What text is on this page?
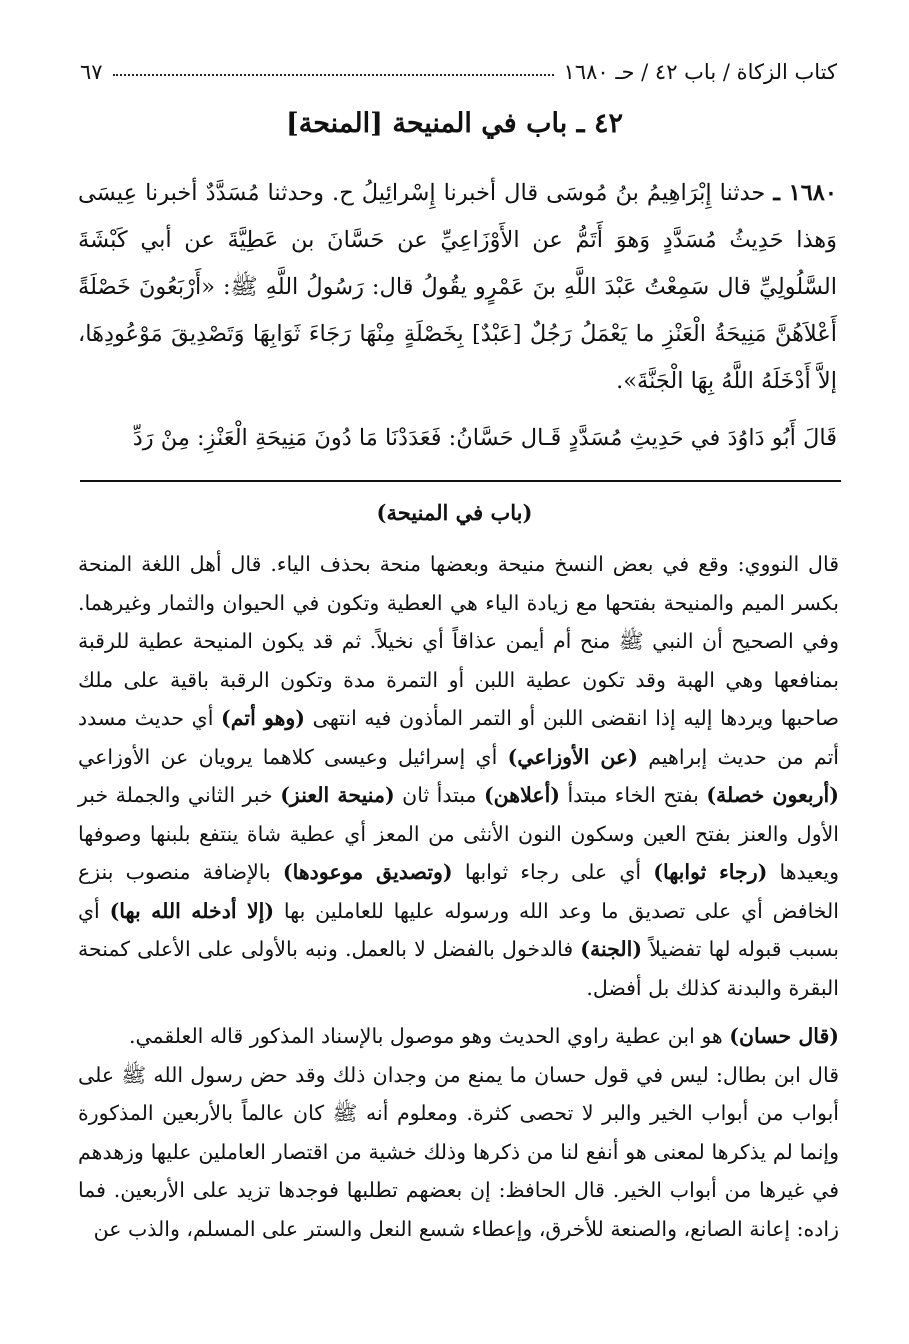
كتاب الزكاة / باب ٤٢ / حـ ١٦٨٠
٦٧
٤٢ ـ باب في المنيحة [المنحة]

١٦٨٠ ـ حدثنا إِبْرَاهِيمُ بنُ مُوسَى قال أخبرنا إِسْرائِيلُ ح. وحدثنا مُسَدَّدٌ أخبرنا عِيسَى وَهذا حَدِيثُ مُسَدَّدٍ وَهوَ أَتَمُّ عن الأَوْزَاعِيِّ عن حَسَّانَ بن عَطِيَّةَ عن أبي كَبْشَةَ السَّلُولِيِّ قال سَمِعْتُ عَبْدَ اللَّهِ بنَ عَمْرٍو يقُولُ قال: رَسُولُ اللَّهِ ﷺ: «أَرْبَعُونَ خَصْلَةً أَعْلاَهُنَّ مَنِيحَةُ الْعَنْزِ ما يَعْمَلُ رَجُلٌ [عَبْدٌ] بِخَصْلَةٍ مِنْهَا رَجَاءَ ثَوَابِهَا وَتَصْدِيقَ مَوْعُودِهَا، إلاَّ أَدْخَلَهُ اللَّهُ بِهَا الْجَنَّةَ».

قَالَ أَبُو دَاوُدَ في حَدِيثِ مُسَدَّدٍ قَـال حَسَّانُ: فَعَدَدْنَا مَا دُونَ مَنِيحَةِ الْعَنْزِ: مِنْ رَدِّ

(باب في المنيحة)

قال النووي: وقع في بعض النسخ منيحة وبعضها منحة بحذف الياء. قال أهل اللغة المنحة بكسر الميم والمنيحة بفتحها مع زيادة الياء هي العطية وتكون في الحيوان والثمار وغيرهما. وفي الصحيح أن النبي ﷺ منح أم أيمن عذاقاً أي نخيلاً. ثم قد يكون المنيحة عطية للرقبة بمنافعها وهي الهبة وقد تكون عطية اللبن أو التمرة مدة وتكون الرقبة باقية على ملك صاحبها ويردها إليه إذا انقضى اللبن أو التمر المأذون فيه انتهى (وهو أتم) أي حديث مسدد أتم من حديث إبراهيم (عن الأوزاعي) أي إسرائيل وعيسى كلاهما يرويان عن الأوزاعي (أربعون خصلة) بفتح الخاء مبتدأ (أعلاهن) مبتدأ ثان (منيحة العنز) خبر الثاني والجملة خبر الأول والعنز بفتح العين وسكون النون الأنثى من المعز أي عطية شاة ينتفع بلبنها وصوفها ويعيدها (رجاء ثوابها) أي على رجاء ثوابها (وتصديق موعودها) بالإضافة منصوب بنزع الخافض أي على تصديق ما وعد الله ورسوله عليها للعاملين بها (إلا أدخله الله بها) أي بسبب قبوله لها تفضيلاً (الجنة) فالدخول بالفضل لا بالعمل. ونبه بالأولى على الأعلى كمنحة البقرة والبدنة كذلك بل أفضل.

(قال حسان) هو ابن عطية راوي الحديث وهو موصول بالإسناد المذكور قاله العلقمي.

قال ابن بطال: ليس في قول حسان ما يمنع من وجدان ذلك وقد حض رسول الله ﷺ على أبواب من أبواب الخير والبر لا تحصى كثرة. ومعلوم أنه ﷺ كان عالماً بالأربعين المذكورة وإنما لم يذكرها لمعنى هو أنفع لنا من ذكرها وذلك خشية من اقتصار العاملين عليها وزهدهم في غيرها من أبواب الخير. قال الحافظ: إن بعضهم تطلبها فوجدها تزيد على الأربعين. فما زاده: إعانة الصانع، والصنعة للأخرق، وإعطاء شسع النعل والستر على المسلم، والذب عن
